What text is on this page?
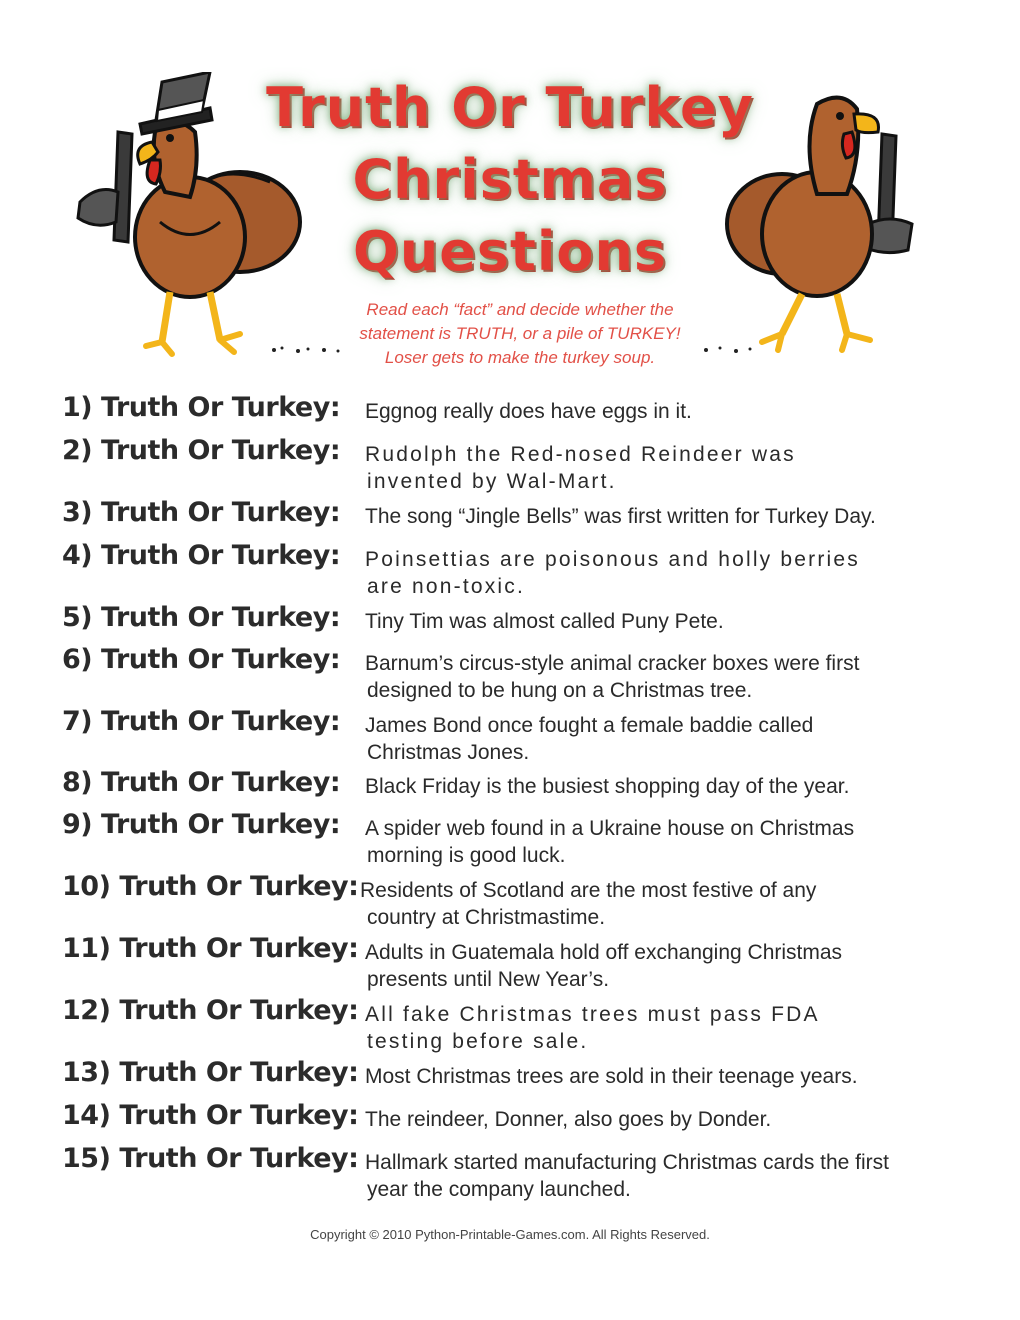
Truth Or Turkey
Christmas
Questions
Read each “fact” and decide whether the
statement is TRUTH, or a pile of TURKEY!
Loser gets to make the turkey soup.
1) Truth Or Turkey: Eggnog really does have eggs in it.
2) Truth Or Turkey: Rudolph the Red-nosed Reindeer was
invented by Wal-Mart.
3) Truth Or Turkey: The song “Jingle Bells” was first written for Turkey Day.
4) Truth Or Turkey: Poinsettias are poisonous and holly berries
are non-toxic.
5) Truth Or Turkey: Tiny Tim was almost called Puny Pete.
6) Truth Or Turkey: Barnum’s circus-style animal cracker boxes were first
designed to be hung on a Christmas tree.
7) Truth Or Turkey: James Bond once fought a female baddie called
Christmas Jones.
8) Truth Or Turkey: Black Friday is the busiest shopping day of the year.
9) Truth Or Turkey: A spider web found in a Ukraine house on Christmas
morning is good luck.
10) Truth Or Turkey: Residents of Scotland are the most festive of any
country at Christmastime.
11) Truth Or Turkey: Adults in Guatemala hold off exchanging Christmas
presents until New Year’s.
12) Truth Or Turkey: All fake Christmas trees must pass FDA
testing before sale.
13) Truth Or Turkey: Most Christmas trees are sold in their teenage years.
14) Truth Or Turkey: The reindeer, Donner, also goes by Donder.
15) Truth Or Turkey: Hallmark started manufacturing Christmas cards the first
year the company launched.
Copyright © 2010 Python-Printable-Games.com. All Rights Reserved.
